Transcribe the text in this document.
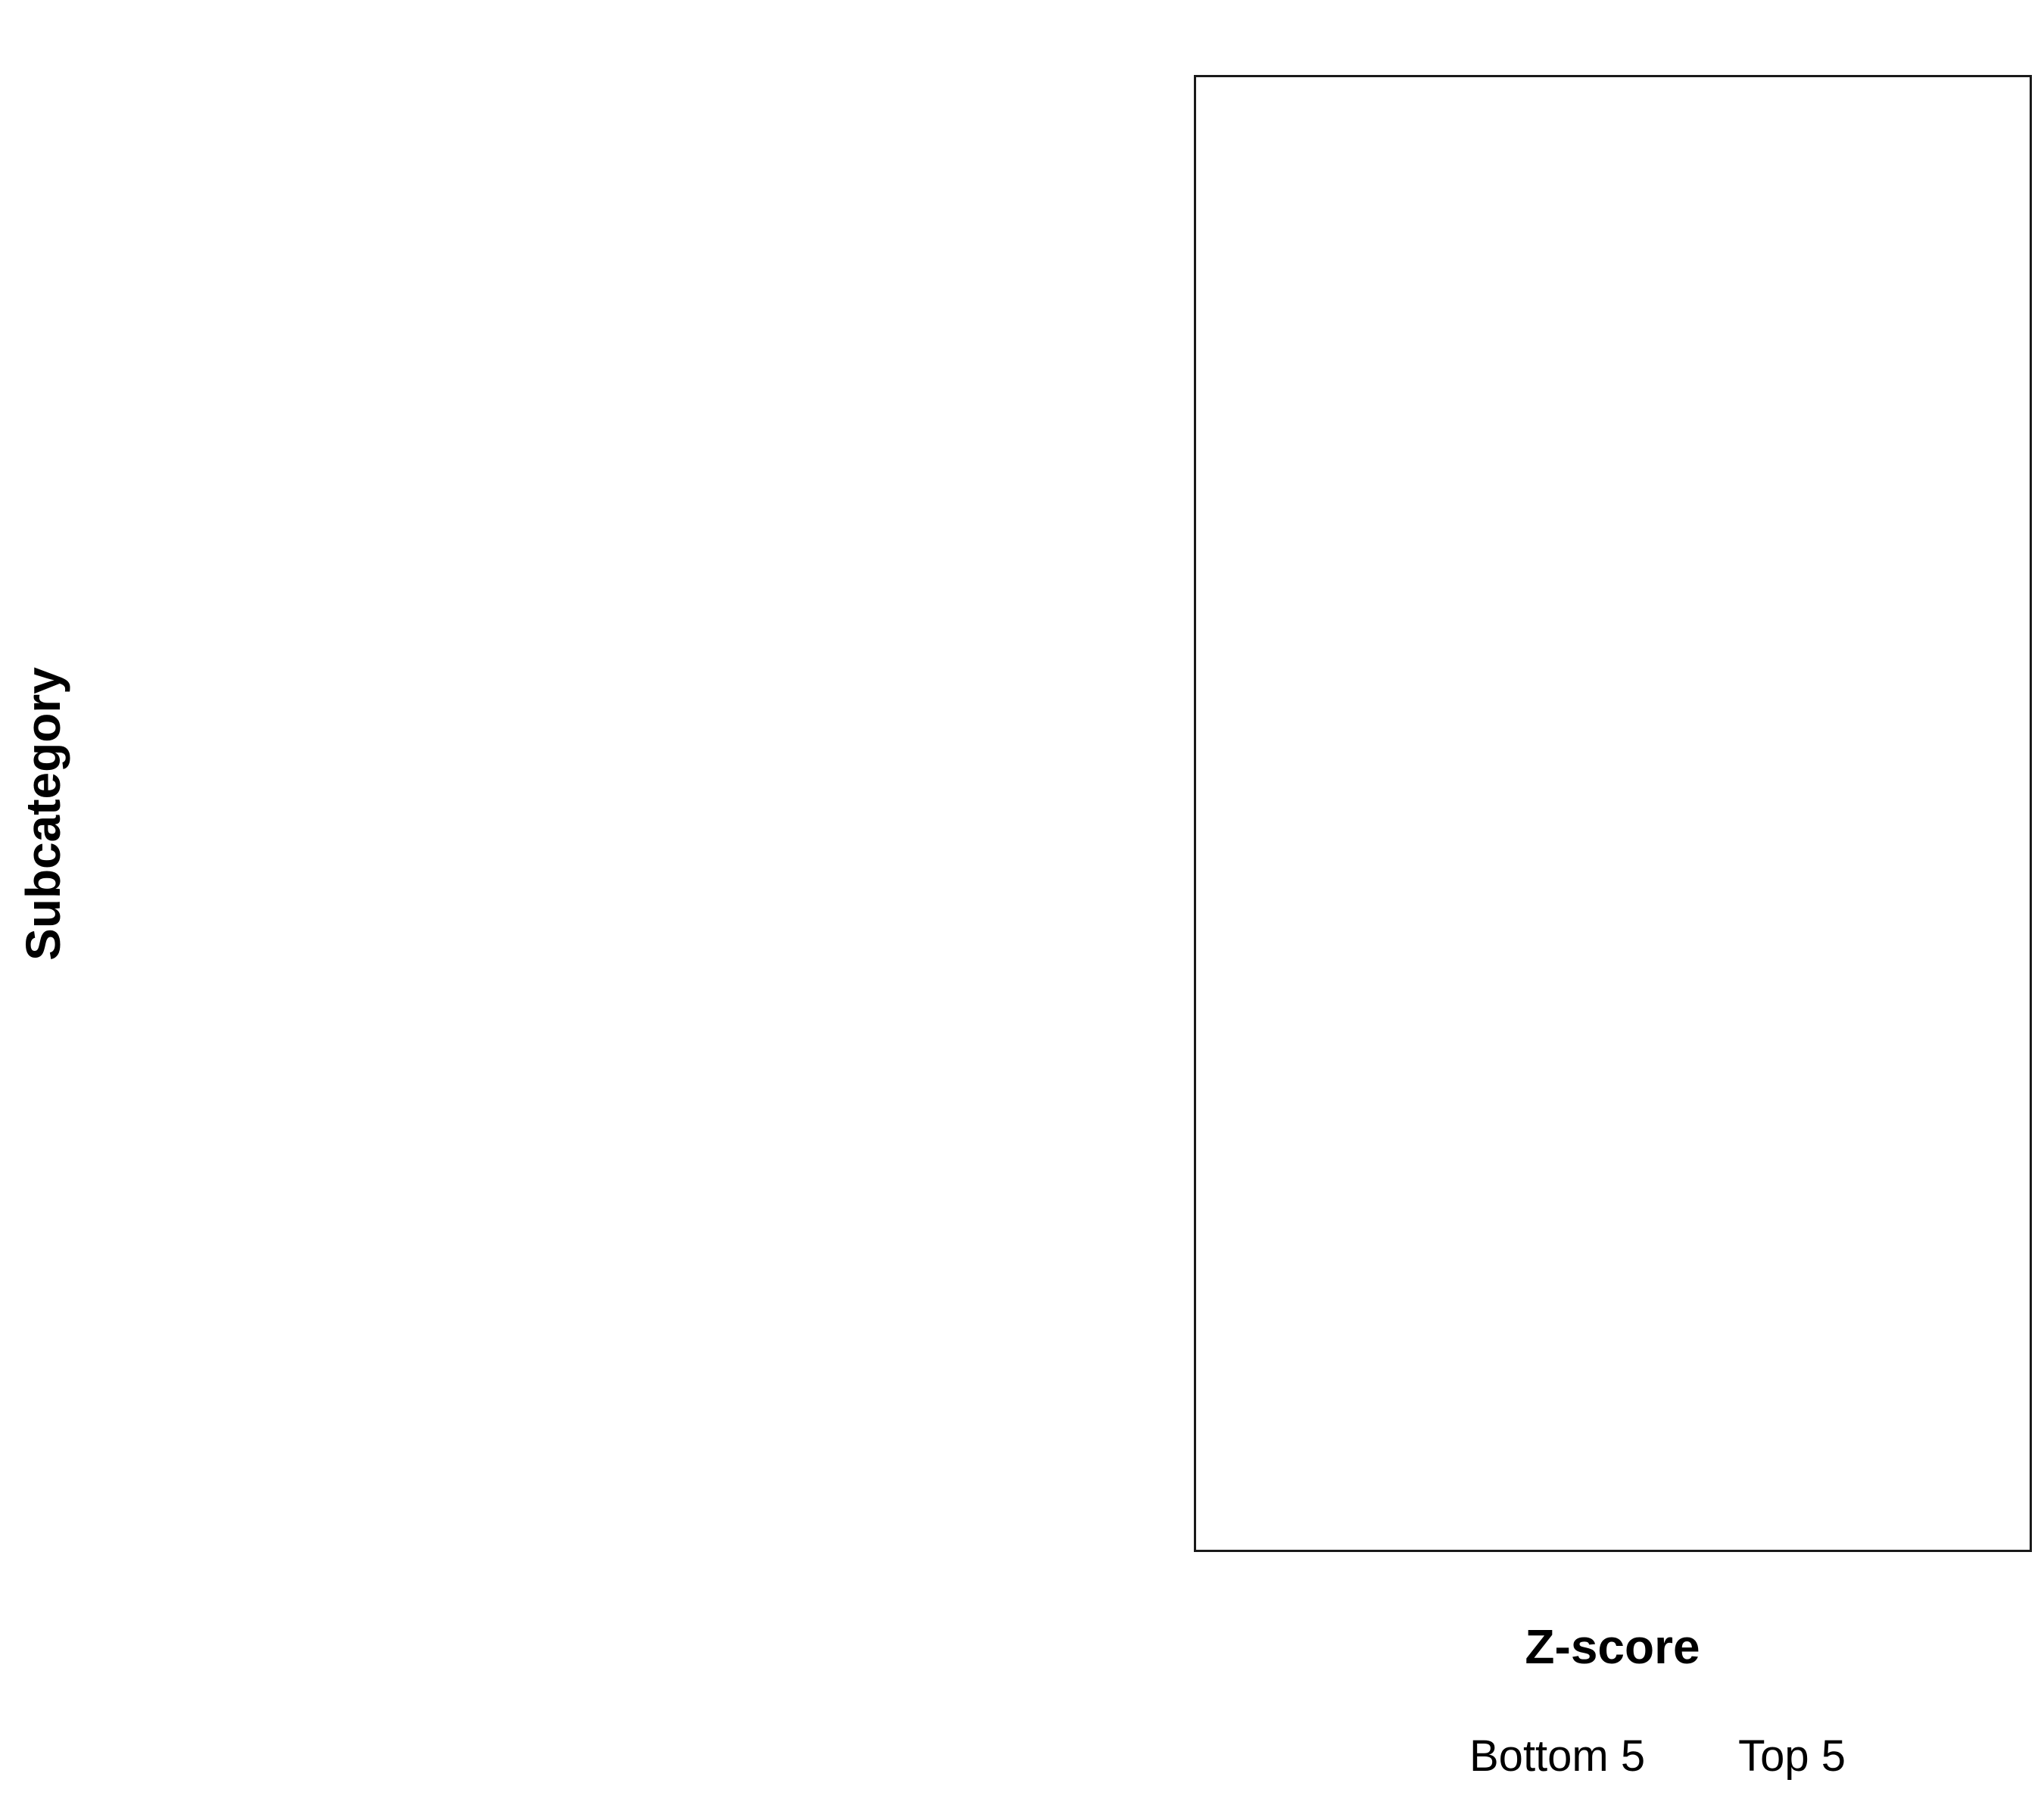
Subcategory
Z-score
Bottom 5 Top 5
